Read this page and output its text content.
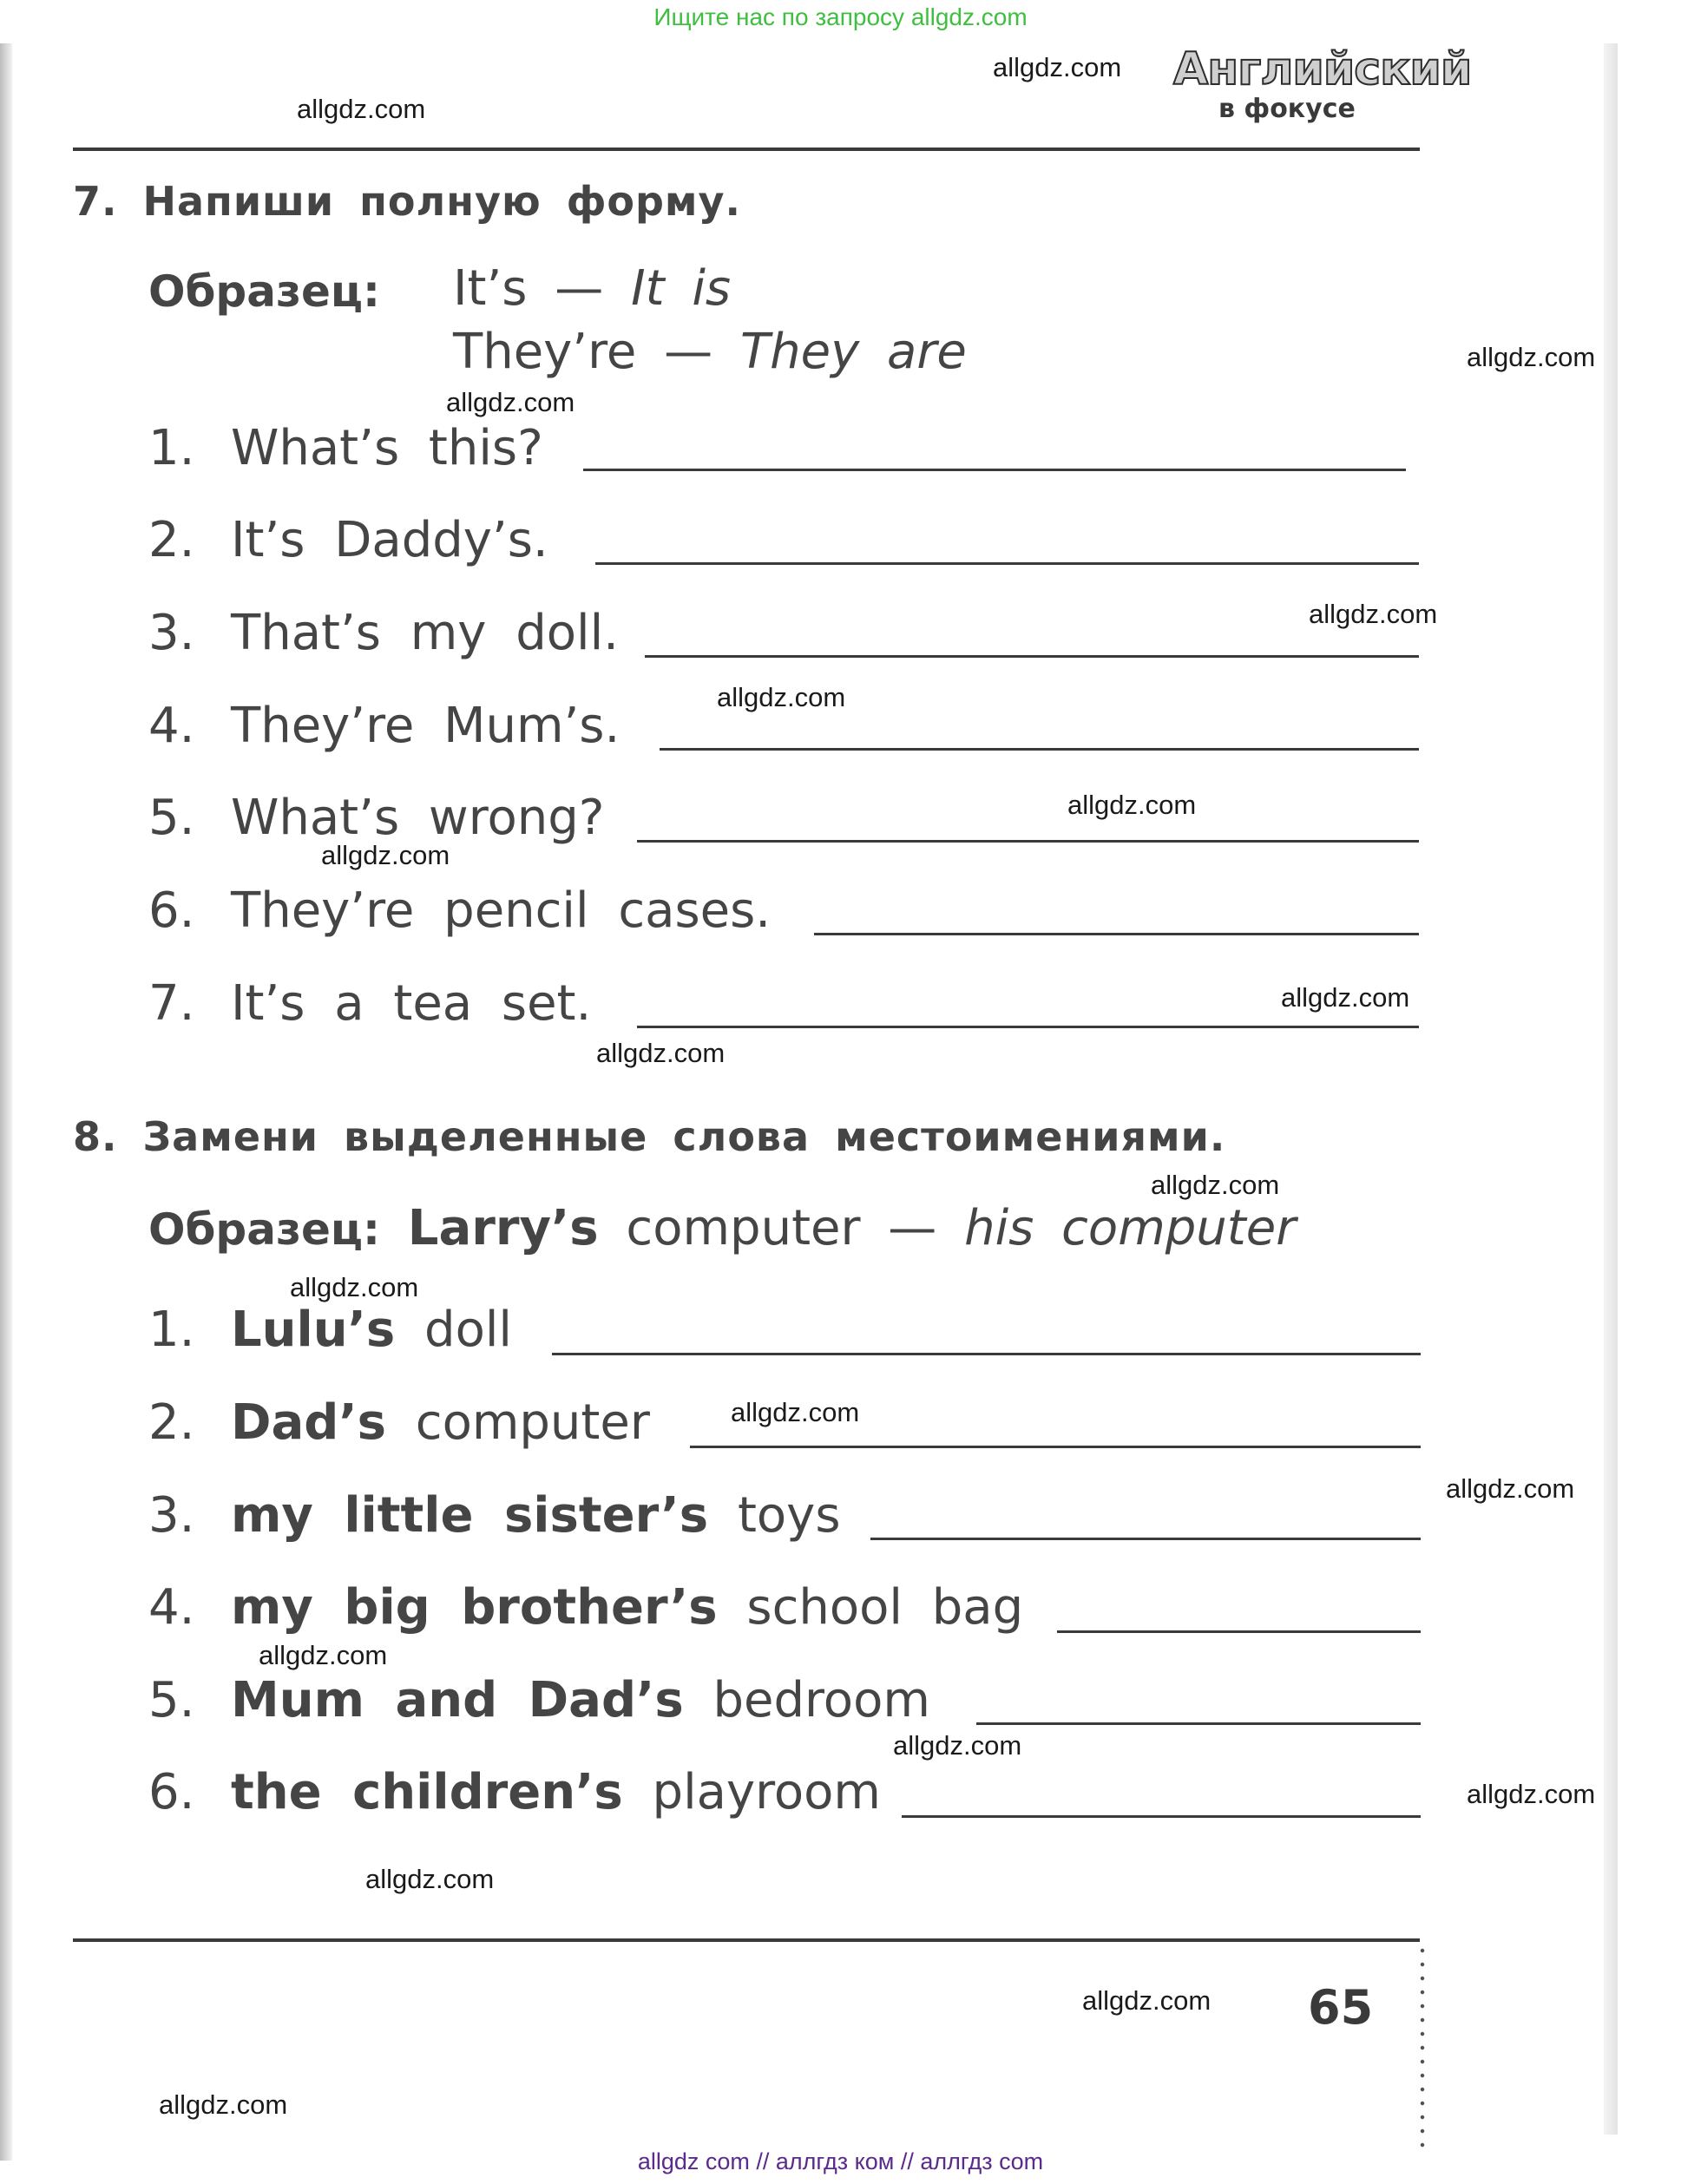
Ищите нас по запросу allgdz.com
Английский
в фокусе
7. Напиши полную форму.
Образец: It’s — It is
They’re — They are
1. What’s this?
2. It’s Daddy’s.
3. That’s my doll.
4. They’re Mum’s.
5. What’s wrong?
6. They’re pencil cases.
7. It’s a tea set.
8. Замени выделенные слова местоимениями.
Образец: Larry’s computer — his computer
1. Lulu’s doll
2. Dad’s computer
3. my little sister’s toys
4. my big brother’s school bag
5. Mum and Dad’s bedroom
6. the children’s playroom
65
allgdz.com
allgdz.com
allgdz.com
allgdz.com
allgdz.com
allgdz.com
allgdz.com
allgdz.com
allgdz.com
allgdz.com
allgdz.com
allgdz.com
allgdz.com
allgdz.com
allgdz.com
allgdz.com
allgdz.com
allgdz.com
allgdz.com
allgdz.com
allgdz com // аллгдз ком // аллгдз com
